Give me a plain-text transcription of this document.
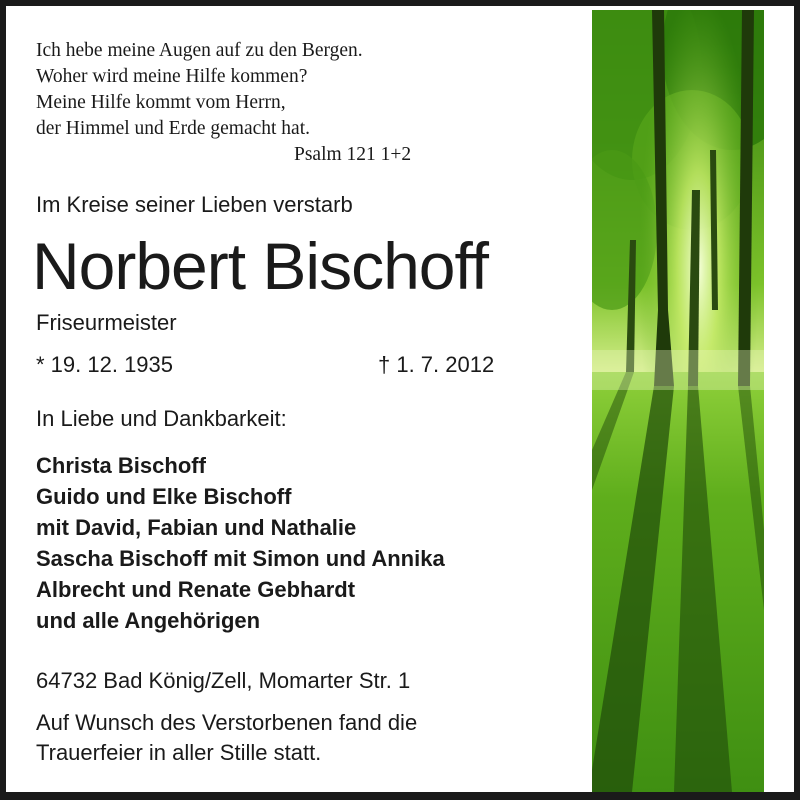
Ich hebe meine Augen auf zu den Bergen.
Woher wird meine Hilfe kommen?
Meine Hilfe kommt vom Herrn,
der Himmel und Erde gemacht hat.
Psalm 121 1+2
Im Kreise seiner Lieben verstarb
Norbert Bischoff
Friseurmeister
* 19. 12. 1935	† 1. 7. 2012
In Liebe und Dankbarkeit:
Christa Bischoff
Guido und Elke Bischoff
mit David, Fabian und Nathalie
Sascha Bischoff mit Simon und Annika
Albrecht und Renate Gebhardt
und alle Angehörigen
64732 Bad König/Zell, Momarter Str. 1
Auf Wunsch des Verstorbenen fand die
Trauerfeier in aller Stille statt.
